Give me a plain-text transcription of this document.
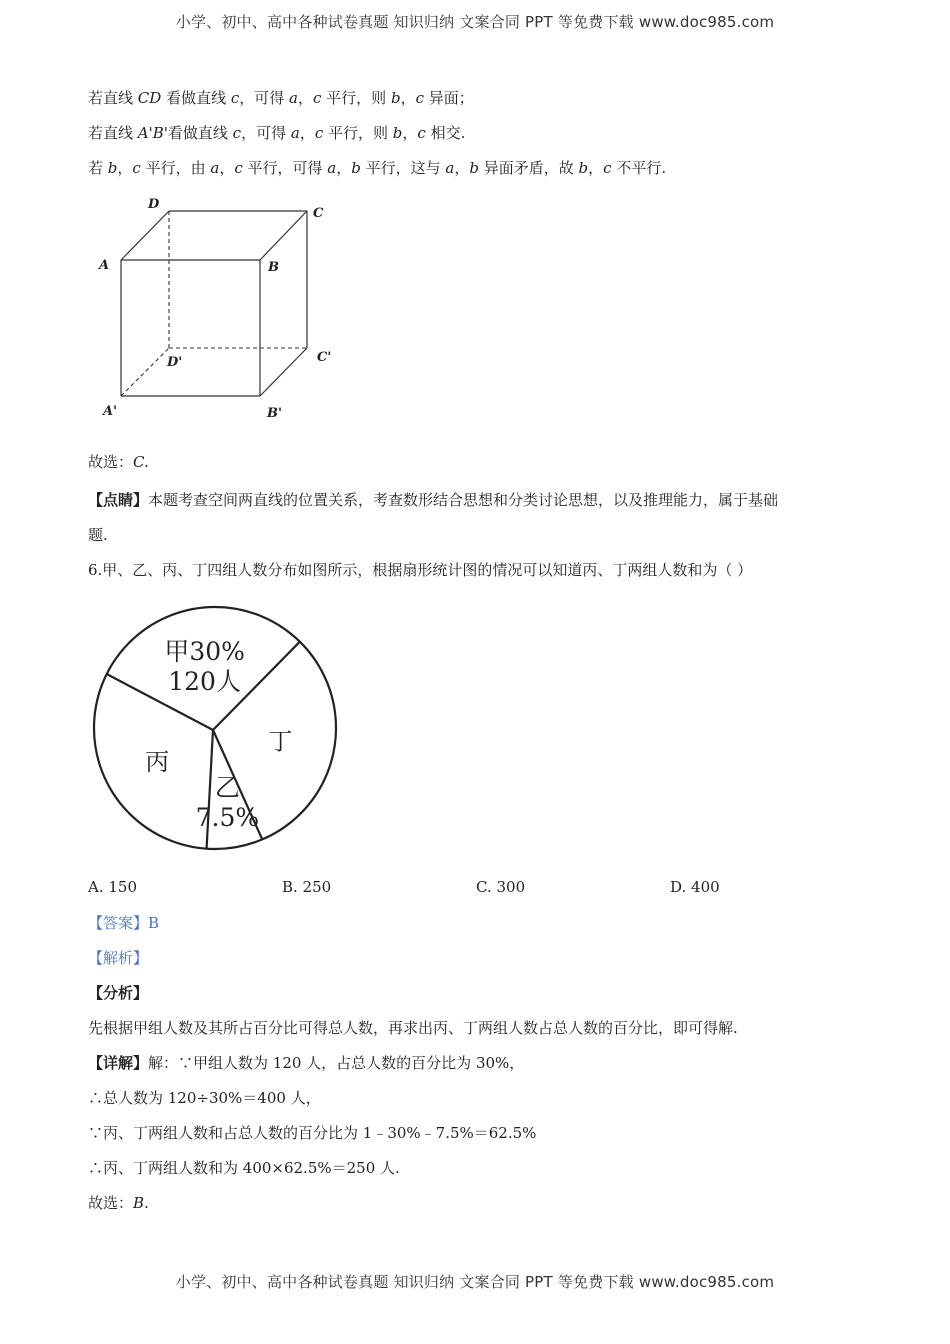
小学、初中、高中各种试卷真题 知识归纳 文案合同 PPT 等免费下载 www.doc985.com
若直线 CD 看做直线 c，可得 a，c 平行，则 b，c 异面；
若直线 A'B'看做直线 c，可得 a，c 平行，则 b，c 相交.
若 b，c 平行，由 a，c 平行，可得 a，b 平行，这与 a，b 异面矛盾，故 b，c 不平行.
D
C
A	B
D'	C'
A'	B'
故选：C.
【点睛】本题考查空间两直线的位置关系，考查数形结合思想和分类讨论思想，以及推理能力，属于基础
题.
6.甲、乙、丙、丁四组人数分布如图所示，根据扇形统计图的情况可以知道丙、丁两组人数和为（ ）
甲30%
120人
丁
乙
7.5%
丙
A. 150	B. 250	C. 300	D. 400
【答案】B
【解析】
【分析】
先根据甲组人数及其所占百分比可得总人数，再求出丙、丁两组人数占总人数的百分比，即可得解.
【详解】解：∵甲组人数为 120 人，占总人数的百分比为 30%，
∴总人数为 120÷30%＝400 人，
∵丙、丁两组人数和占总人数的百分比为 1﹣30%﹣7.5%＝62.5%
∴丙、丁两组人数和为 400×62.5%＝250 人.
故选：B.
小学、初中、高中各种试卷真题 知识归纳 文案合同 PPT 等免费下载 www.doc985.com
